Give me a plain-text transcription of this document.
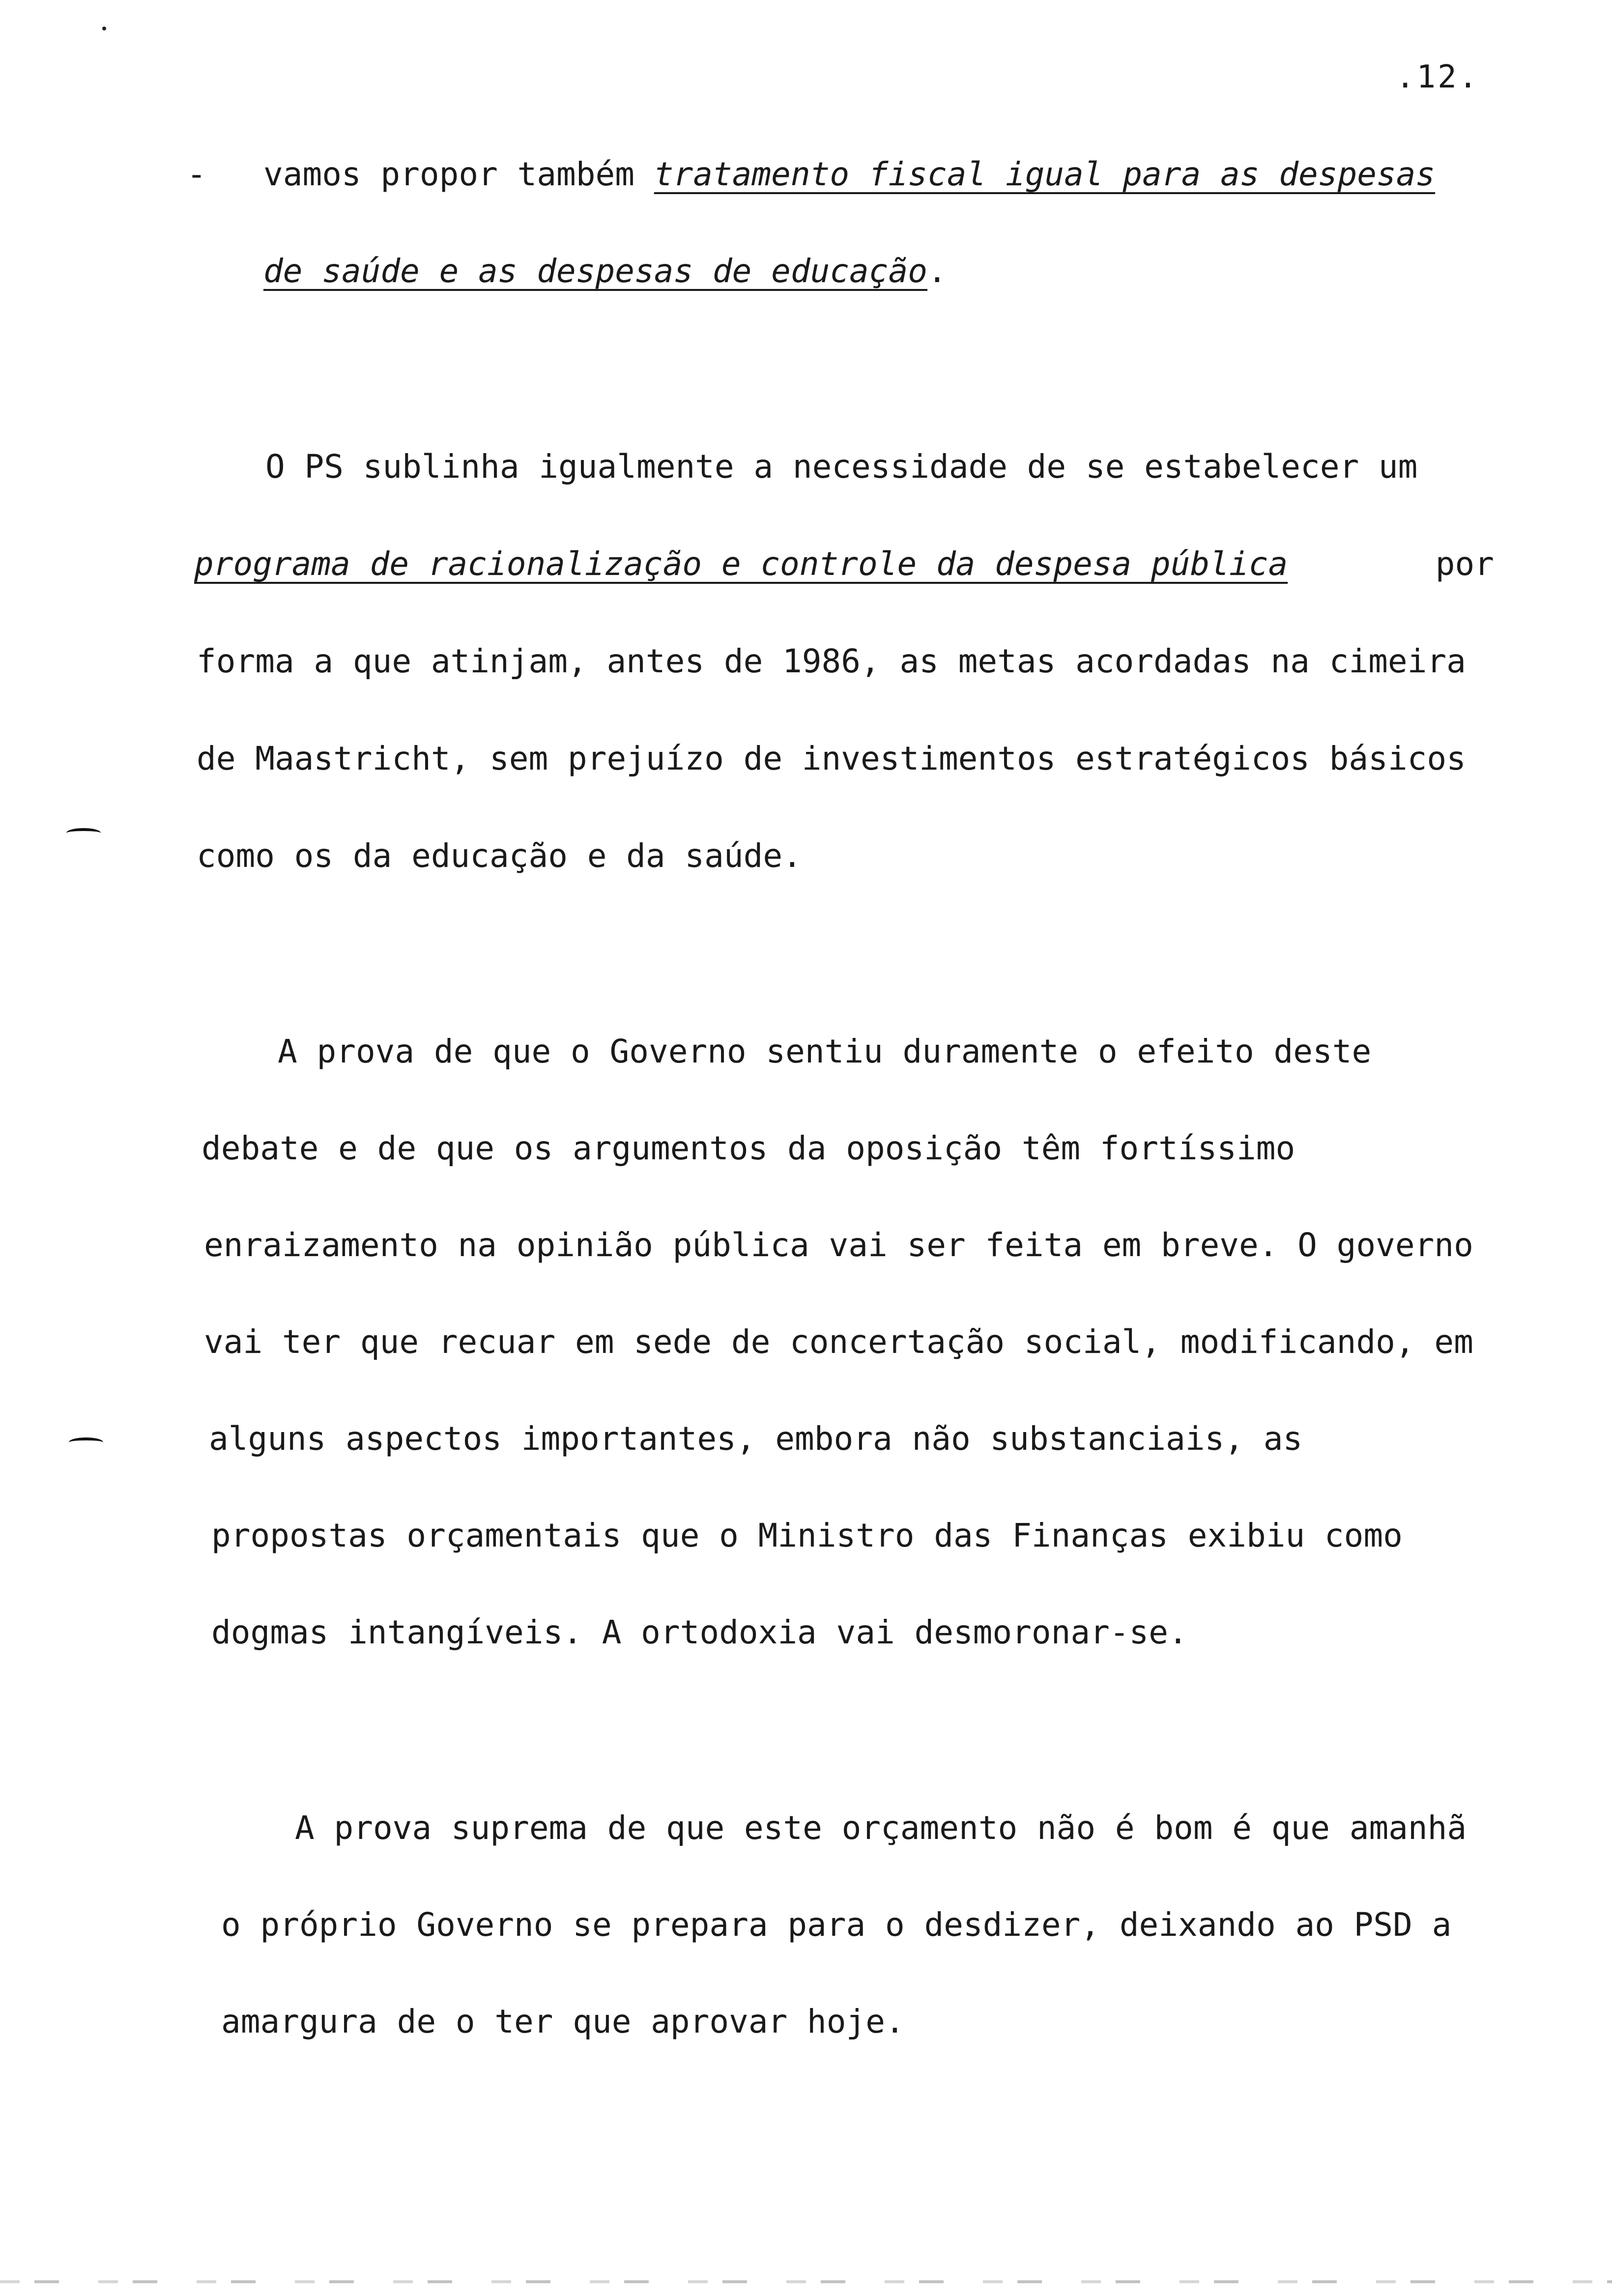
.12.
- vamos propor também tratamento fiscal igual para as despesas
de saúde e as despesas de educação .
O PS sublinha igualmente a necessidade de se estabelecer um
programa de racionalização e controle da despesa pública	por
forma a que atinjam, antes de 1986, as metas acordadas na cimeira
de Maastricht, sem prejuízo de investimentos estratégicos básicos
como os da educação e da saúde.
A prova de que o Governo sentiu duramente o efeito deste
debate e de que os argumentos da oposição têm fortíssimo
enraizamento na opinião pública vai ser feita em breve. O governo
vai ter que recuar em sede de concertação social, modificando, em
alguns aspectos importantes, embora não substanciais, as
propostas orçamentais que o Ministro das Finanças exibiu como
dogmas intangíveis. A ortodoxia vai desmoronar-se.
A prova suprema de que este orçamento não é bom é que amanhã
o próprio Governo se prepara para o desdizer, deixando ao PSD a
amargura de o ter que aprovar hoje.
